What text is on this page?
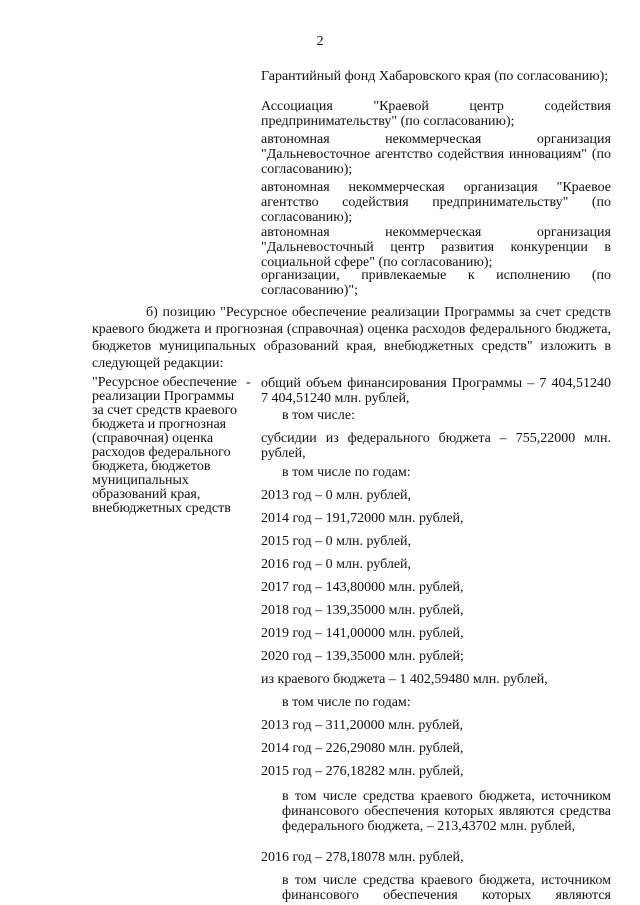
2
Гарантийный фонд Хабаровского края (по согласованию);
Ассоциация "Краевой центр содействия предпринимательству" (по согласованию);
автономная некоммерческая организация "Дальневосточное агентство содействия инновациям" (по согласованию);
автономная некоммерческая организация "Краевое агентство содействия предпринимательству" (по согласованию);
автономная некоммерческая организация "Дальневосточный центр развития конкуренции в социальной сфере" (по согласованию);
организации, привлекаемые к исполнению (по согласованию)";
б) позицию "Ресурсное обеспечение реализации Программы за счет средств краевого бюджета и прогнозная (справочная) оценка расходов федерального бюджета, бюджетов муниципальных образований края, внебюджетных средств" изложить в следующей редакции:
"Ресурсное обеспечение реализации Программы за счет средств краевого бюджета и прогнозная (справочная) оценка расходов федерального бюджета, бюджетов муниципальных образований края, внебюджетных средств
- общий объем финансирования Программы – 7 404,51240
7 404,51240 млн. рублей,
в том числе:
субсидии из федерального бюджета – 755,22000 млн. рублей,
в том числе по годам:
2013 год – 0 млн. рублей,
2014 год – 191,72000 млн. рублей,
2015 год – 0 млн. рублей,
2016 год – 0 млн. рублей,
2017 год – 143,80000 млн. рублей,
2018 год – 139,35000 млн. рублей,
2019 год – 141,00000 млн. рублей,
2020 год – 139,35000 млн. рублей;
из краевого бюджета – 1 402,59480 млн. рублей,
в том числе по годам:
2013 год – 311,20000 млн. рублей,
2014 год – 226,29080 млн. рублей,
2015 год – 276,18282 млн. рублей,
в том числе средства краевого бюджета, источником финансового обеспечения которых являются средства федерального бюджета, – 213,43702 млн. рублей,
2016 год – 278,18078 млн. рублей,
в том числе средства краевого бюджета, источником финансового обеспечения которых являются
